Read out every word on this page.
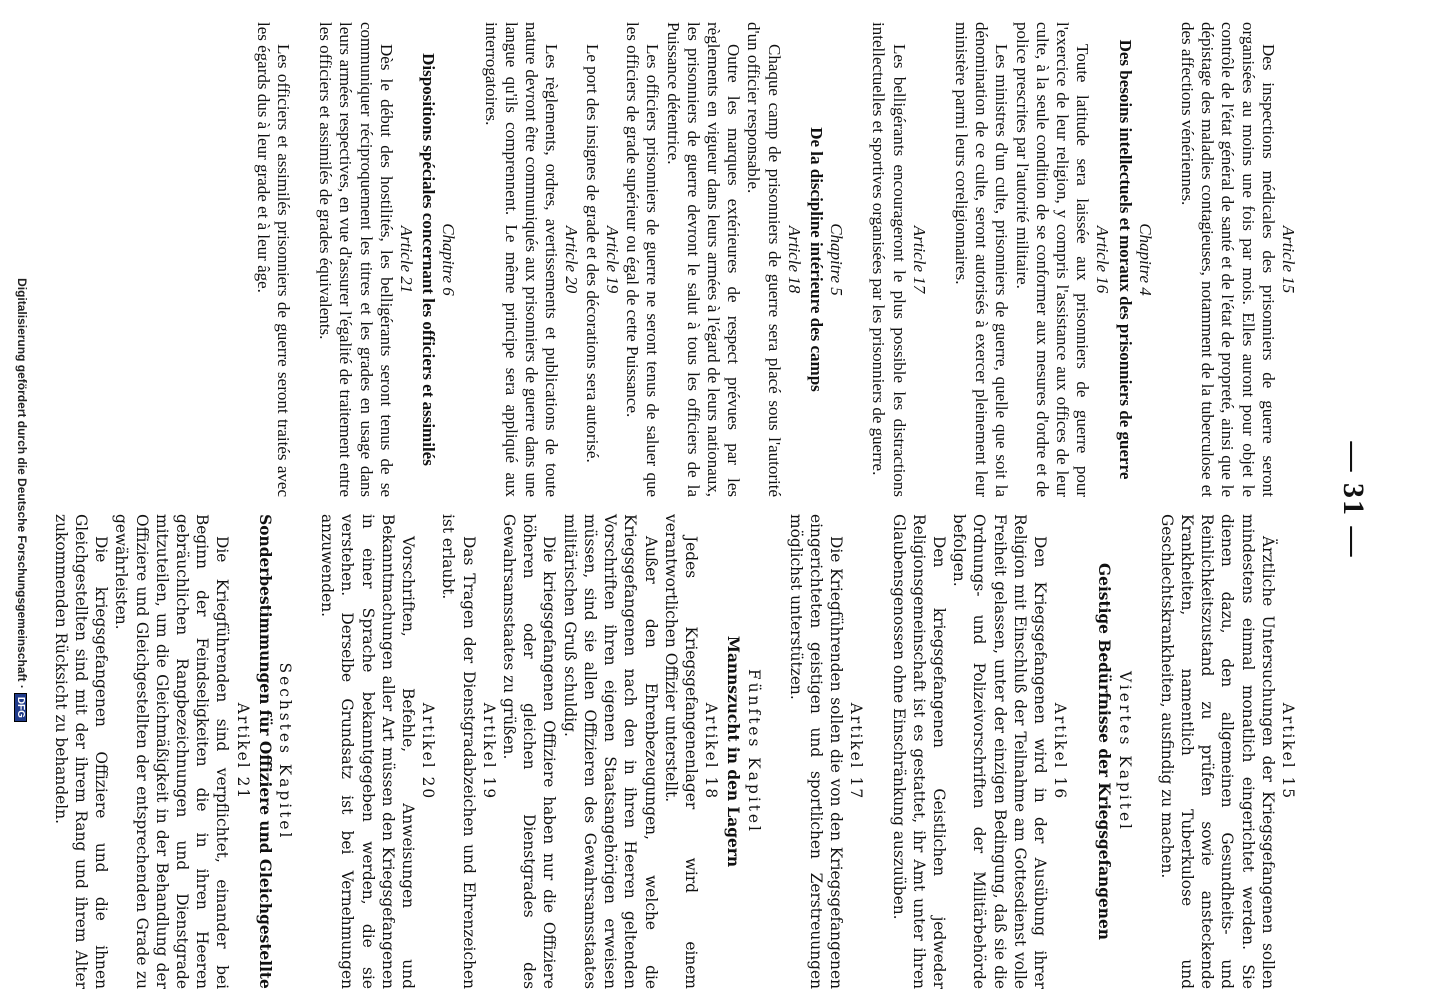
— 31 —

Article 15

Des inspections médicales des prisonniers de guerre seront organisées au moins une fois par mois. Elles auront pour objet le contrôle de l'état général de santé et de l'état de propreté, ainsi que le dépistage des maladies contagieuses, notamment de la tuberculose et des affections vénériennes.

Chapitre 4

Des besoins intellectuels et moraux des prisonniers de guerre

Article 16

Toute latitude sera laissée aux prisonniers de guerre pour l'exercice de leur religion, y compris l'assistance aux offices de leur culte, à la seule condition de se conformer aux mesures d'ordre et de police prescrites par l'autorité militaire.

Les ministres d'un culte, prisonniers de guerre, quelle que soit la dénomination de ce culte, seront autorisés à exercer pleinement leur ministère parmi leurs coreligionnaires.

Article 17

Les belligérants encourageront le plus possible les distractions intellectuelles et sportives organisées par les prisonniers de guerre.

Chapitre 5

De la discipline intérieure des camps

Article 18

Chaque camp de prisonniers de guerre sera placé sous l'autorité d'un officier responsable.

Outre les marques extérieures de respect prévues par les règlements en vigueur dans leurs armées à l'égard de leurs nationaux, les prisonniers de guerre devront le salut à tous les officiers de la Puissance détentrice.

Les officiers prisonniers de guerre ne seront tenus de saluer que les officiers de grade supérieur ou égal de cette Puissance.

Article 19

Le port des insignes de grade et des décorations sera autorisé.

Article 20

Les règlements, ordres, avertissements et publications de toute nature devront être communiqués aux prisonniers de guerre dans une langue qu'ils comprennent. Le même principe sera appliqué aux interrogatoires.

Chapitre 6

Dispositions spéciales concernant les officiers et assimilés

Article 21

Dès le début des hostilités, les belligérants seront tenus de se communiquer réciproquement les titres et les grades en usage dans leurs armées respectives, en vue d'assurer l'égalité de traitement entre les officiers et assimilés de grades équivalents.

Les officiers et assimilés prisonniers de guerre seront traités avec les égards dus à leur grade et à leur âge.

Artikel 15

Ärztliche Untersuchungen der Kriegsgefangenen sollen mindestens einmal monatlich eingerichtet werden. Sie dienen dazu, den allgemeinen Gesundheits- und Reinlichkeitszustand zu prüfen sowie ansteckende Krankheiten, namentlich Tuberkulose und Geschlechtskrankheiten, ausfindig zu machen.

Viertes Kapitel

Geistige Bedürfnisse der Kriegsgefangenen

Artikel 16

Den Kriegsgefangenen wird in der Ausübung ihrer Religion mit Einschluß der Teilnahme am Gottesdienst volle Freiheit gelassen, unter der einzigen Bedingung, daß sie die Ordnungs- und Polizeivorschriften der Militärbehörde befolgen.

Den kriegsgefangenen Geistlichen jedweder Religionsgemeinschaft ist es gestattet, ihr Amt unter ihren Glaubensgenossen ohne Einschränkung auszuüben.

Artikel 17

Die Kriegführenden sollen die von den Kriegsgefangenen eingerichteten geistigen und sportlichen Zerstreuungen möglichst unterstützen.

Fünftes Kapitel

Mannszucht in den Lagern

Artikel 18

Jedes Kriegsgefangenenlager wird einem verantwortlichen Offizier unterstellt.

Außer den Ehrenbezeugungen, welche die Kriegsgefangenen nach den in ihren Heeren geltenden Vorschriften ihren eigenen Staatsangehörigen erweisen müssen, sind sie allen Offizieren des Gewahrsamsstaates militärischen Gruß schuldig.

Die kriegsgefangenen Offiziere haben nur die Offiziere höheren oder gleichen Dienstgrades des Gewahrsamsstaates zu grüßen.

Artikel 19

Das Tragen der Dienstgradabzeichen und Ehrenzeichen ist erlaubt.

Artikel 20

Vorschriften, Befehle, Anweisungen und Bekanntmachungen aller Art müssen den Kriegsgefangenen in einer Sprache bekanntgegeben werden, die sie verstehen. Derselbe Grundsatz ist bei Vernehmungen anzuwenden.

Sechstes Kapitel

Sonderbestimmungen für Offiziere und Gleichgestellte

Artikel 21

Die Kriegführenden sind verpflichtet, einander bei Beginn der Feindseligkeiten die in ihren Heeren gebräuchlichen Rangbezeichnungen und Dienstgrade mitzuteilen, um die Gleichmäßigkeit in der Behandlung der Offiziere und Gleichgestellten der entsprechenden Grade zu gewährleisten.

Die kriegsgefangenen Offiziere und die ihnen Gleichgestellten sind mit der ihrem Rang und ihrem Alter zukommenden Rücksicht zu behandeln.

Digitalisierung gefördert durch die Deutsche Forschungsgemeinschaft ·DFG
